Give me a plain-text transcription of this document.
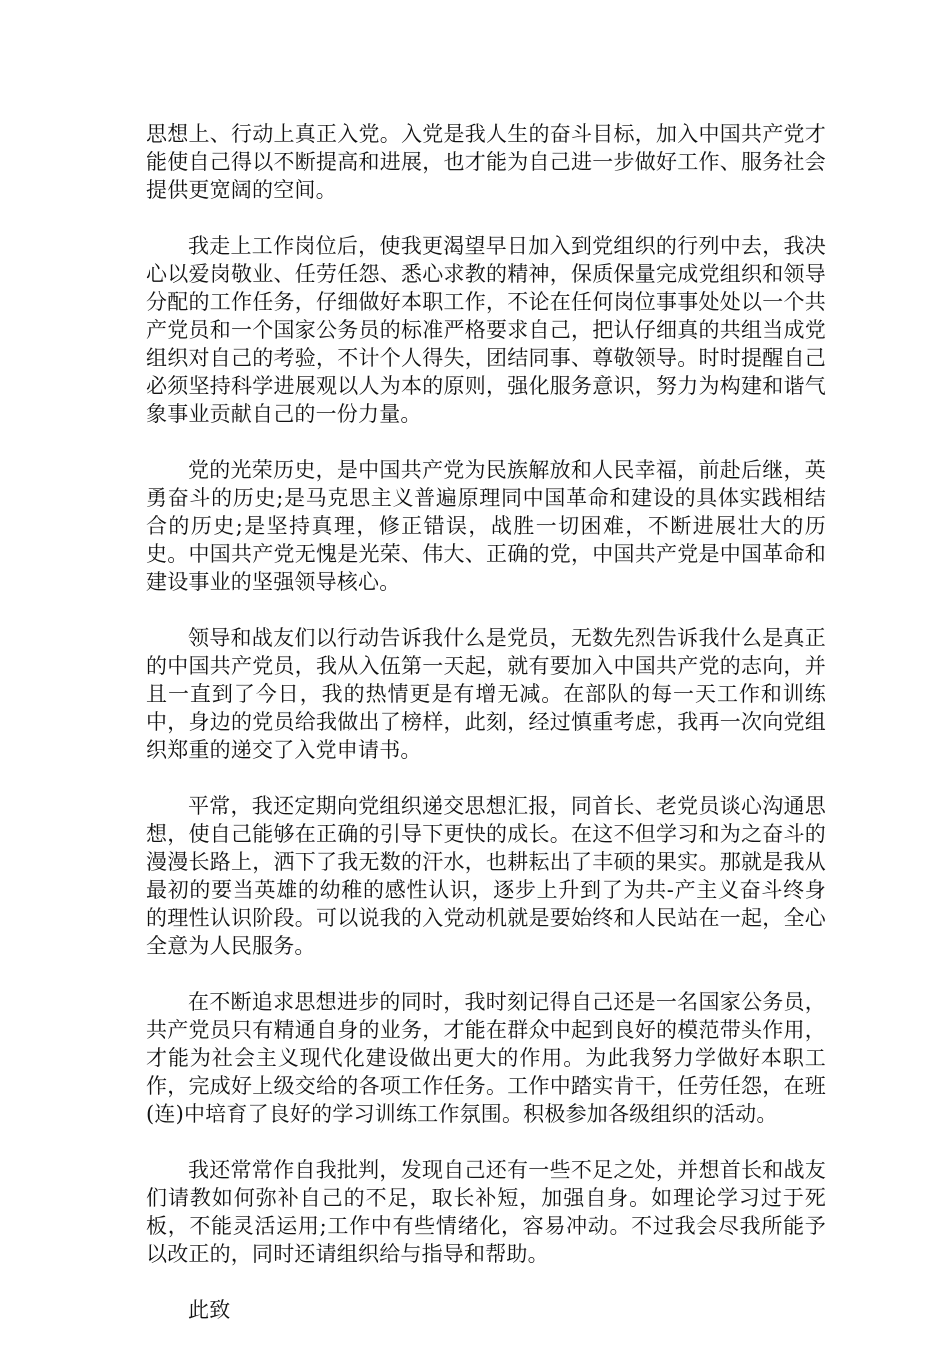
思想上、行动上真正入党。入党是我人生的奋斗目标，加入中国共产党才能使自己得以不断提高和进展，也才能为自己进一步做好工作、服务社会提供更宽阔的空间。

我走上工作岗位后，使我更渴望早日加入到党组织的行列中去，我决心以爱岗敬业、任劳任怨、悉心求教的精神，保质保量完成党组织和领导分配的工作任务，仔细做好本职工作，不论在任何岗位事事处处以一个共产党员和一个国家公务员的标准严格要求自己，把认仔细真的共组当成党组织对自己的考验，不计个人得失，团结同事、尊敬领导。时时提醒自己必须坚持科学进展观以人为本的原则，强化服务意识，努力为构建和谐气象事业贡献自己的一份力量。

党的光荣历史，是中国共产党为民族解放和人民幸福，前赴后继，英勇奋斗的历史;是马克思主义普遍原理同中国革命和建设的具体实践相结合的历史;是坚持真理，修正错误，战胜一切困难，不断进展壮大的历史。中国共产党无愧是光荣、伟大、正确的党，中国共产党是中国革命和建设事业的坚强领导核心。

领导和战友们以行动告诉我什么是党员，无数先烈告诉我什么是真正的中国共产党员，我从入伍第一天起，就有要加入中国共产党的志向，并且一直到了今日，我的热情更是有增无减。在部队的每一天工作和训练中，身边的党员给我做出了榜样，此刻，经过慎重考虑，我再一次向党组织郑重的递交了入党申请书。

平常，我还定期向党组织递交思想汇报，同首长、老党员谈心沟通思想，使自己能够在正确的引导下更快的成长。在这不但学习和为之奋斗的漫漫长路上，洒下了我无数的汗水，也耕耘出了丰硕的果实。那就是我从最初的要当英雄的幼稚的感性认识，逐步上升到了为共-产主义奋斗终身的理性认识阶段。可以说我的入党动机就是要始终和人民站在一起，全心全意为人民服务。

在不断追求思想进步的同时，我时刻记得自己还是一名国家公务员，共产党员只有精通自身的业务，才能在群众中起到良好的模范带头作用，才能为社会主义现代化建设做出更大的作用。为此我努力学做好本职工作，完成好上级交给的各项工作任务。工作中踏实肯干，任劳任怨，在班(连)中培育了良好的学习训练工作氛围。积极参加各级组织的活动。

我还常常作自我批判，发现自己还有一些不足之处，并想首长和战友们请教如何弥补自己的不足，取长补短，加强自身。如理论学习过于死板，不能灵活运用;工作中有些情绪化，容易冲动。不过我会尽我所能予以改正的，同时还请组织给与指导和帮助。

此致
